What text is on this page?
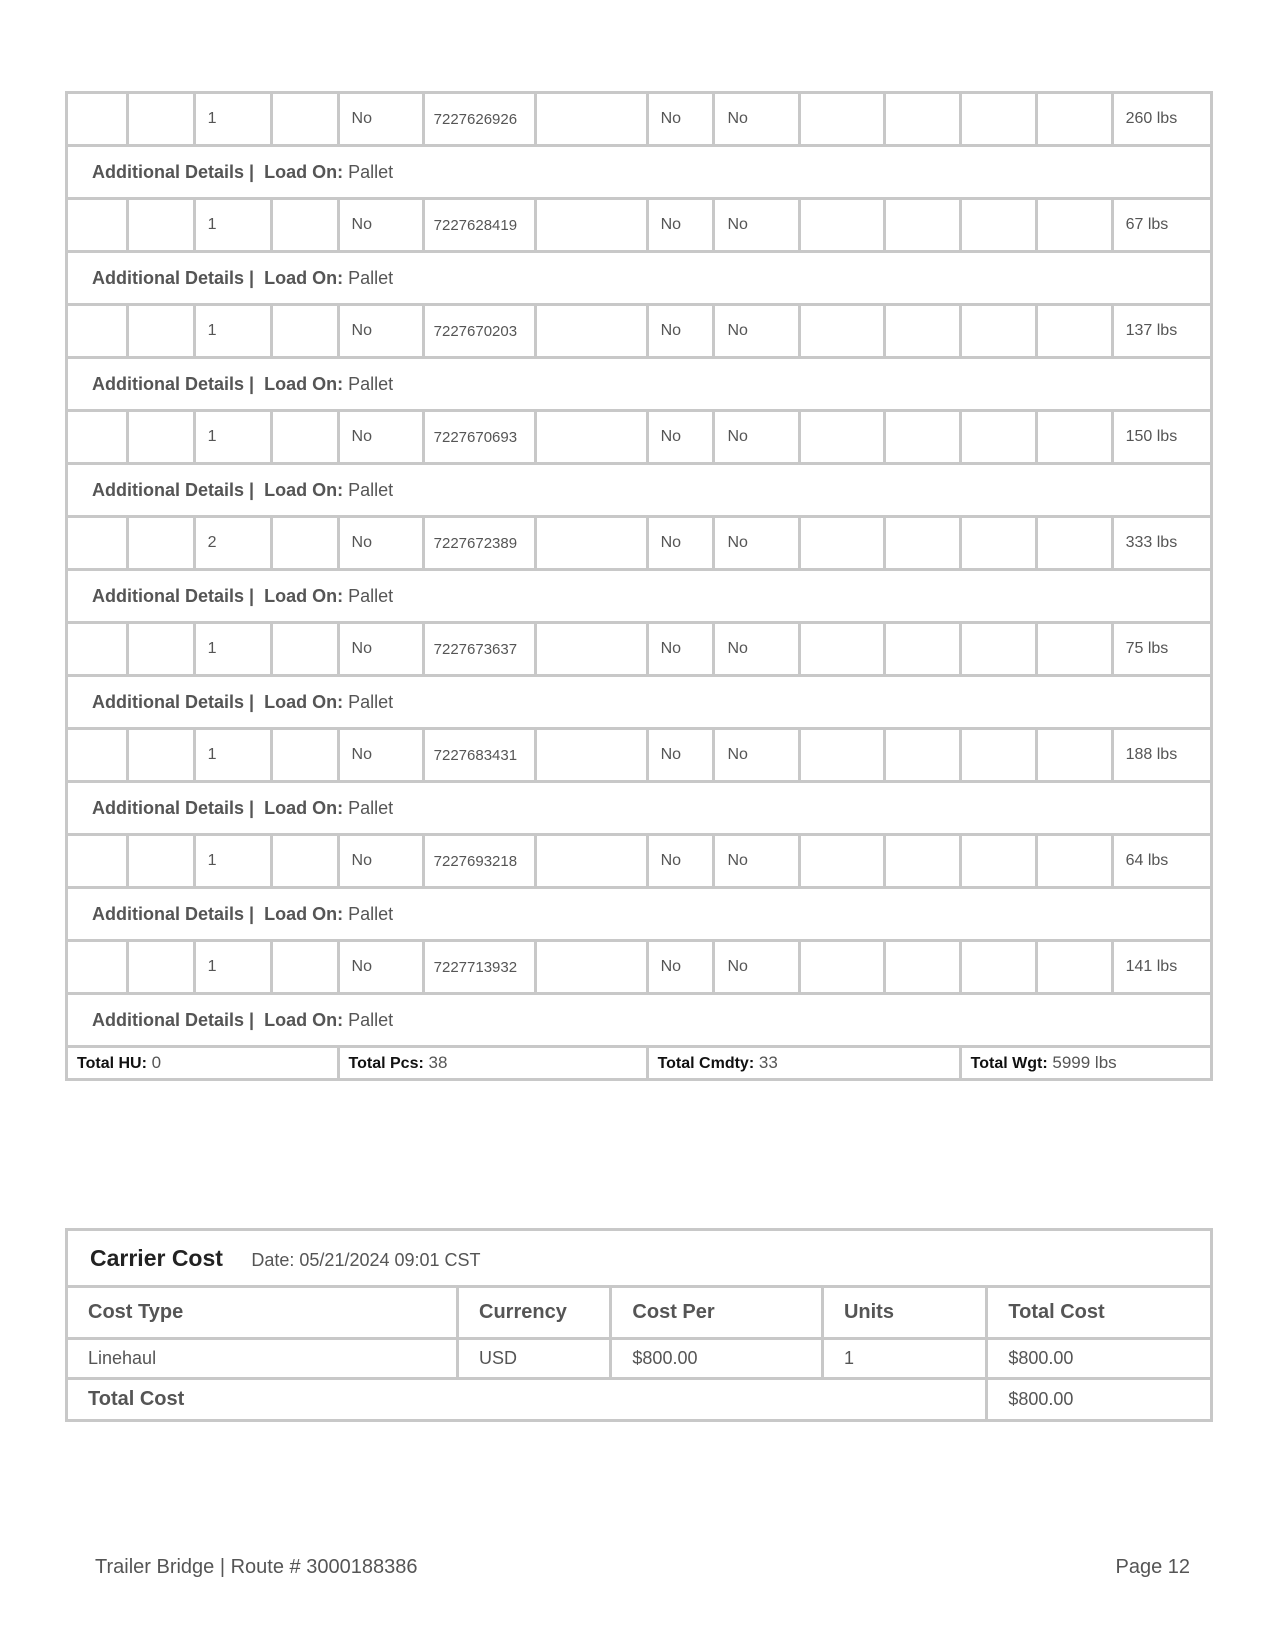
		1		No	7227626926		No	No					260 lbs
Additional Details | Load On: Pallet													
		1		No	7227628419		No	No					67 lbs
Additional Details | Load On: Pallet													
		1		No	7227670203		No	No					137 lbs
Additional Details | Load On: Pallet													
		1		No	7227670693		No	No					150 lbs
Additional Details | Load On: Pallet													
		2		No	7227672389		No	No					333 lbs
Additional Details | Load On: Pallet													
		1		No	7227673637		No	No					75 lbs
Additional Details | Load On: Pallet													
		1		No	7227683431		No	No					188 lbs
Additional Details | Load On: Pallet													
		1		No	7227693218		No	No					64 lbs
Additional Details | Load On: Pallet													
		1		No	7227713932		No	No					141 lbs
Additional Details | Load On: Pallet													
Total HU: 0				Total Pcs: 38			Total Cmdty: 33				Total Wgt: 5999 lbs		
Carrier Cost Date: 05/21/2024 09:01 CST				
Cost Type	Currency	Cost Per	Units	Total Cost
Linehaul	USD	$800.00	1	$800.00
Total Cost				$800.00
Trailer Bridge | Route # 3000188386	Page 12
